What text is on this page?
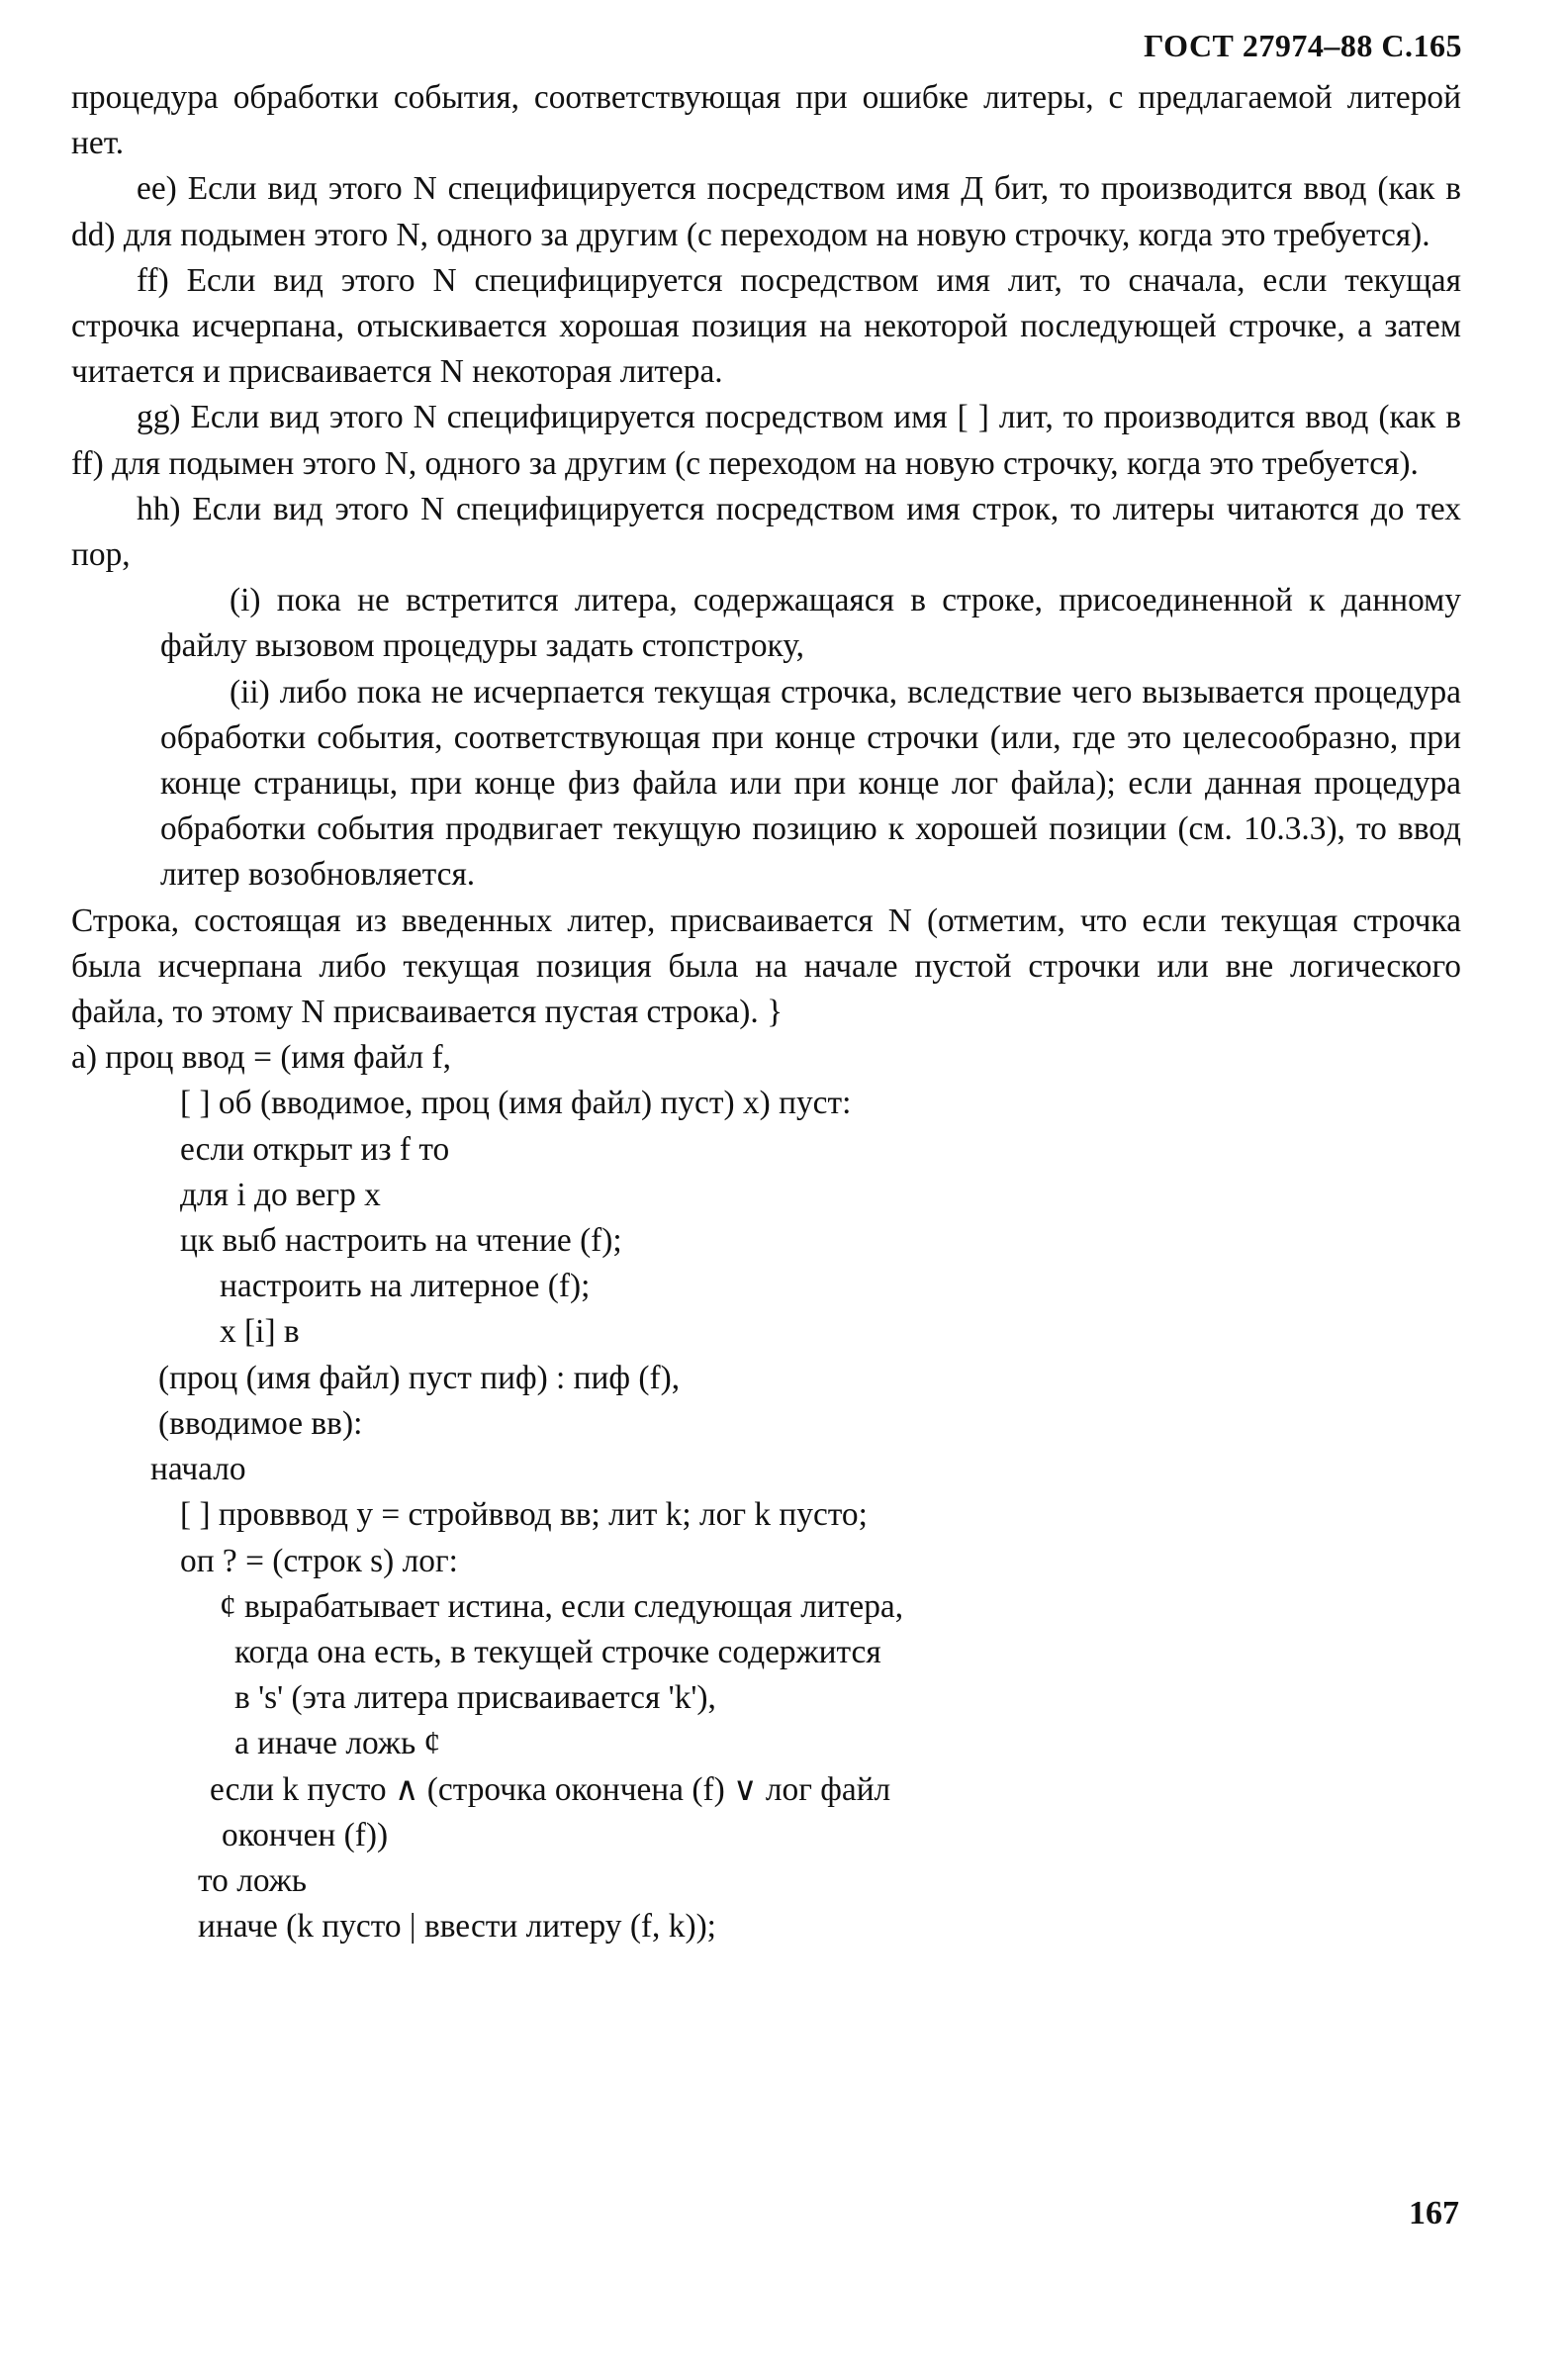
ГОСТ 27974–88 С.165

процедура обработки события, соответствующая при ошибке литеры, с предлагаемой литерой нет.

ee) Если вид этого N специфицируется посредством имя Д бит, то производится ввод (как в dd) для подымен этого N, одного за другим (с переходом на новую строчку, когда это требуется).

ff) Если вид этого N специфицируется посредством имя лит, то сначала, если текущая строчка исчерпана, отыскивается хорошая позиция на некоторой последующей строчке, а затем читается и присваивается N некоторая литера.

gg) Если вид этого N специфицируется посредством имя [ ] лит, то производится ввод (как в ff) для подымен этого N, одного за другим (с переходом на новую строчку, когда это требуется).

hh) Если вид этого N специфицируется посредством имя строк, то литеры читаются до тех пор,

(i) пока не встретится литера, содержащаяся в строке, присоединенной к данному файлу вызовом процедуры задать стопстроку,

(ii) либо пока не исчерпается текущая строчка, вследствие чего вызывается процедура обработки события, соответствующая при конце строчки (или, где это целесообразно, при конце страницы, при конце физ файла или при конце лог файла); если данная процедура обработки события продвигает текущую позицию к хорошей позиции (см. 10.3.3), то ввод литер возобновляется.

Строка, состоящая из введенных литер, присваивается N (отметим, что если текущая строчка была исчерпана либо текущая позиция была на начале пустой строчки или вне логического файла, то этому N присваивается пустая строка). }

a) проц ввод = (имя файл f,
[ ] об (вводимое, проц (имя файл) пуст) x) пуст:
если открыт из f то
для i до вегр x
цк выб настроить на чтение (f);
настроить на литерное (f);
x [i] в
(проц (имя файл) пуст пиф) : пиф (f),
(вводимое вв):
начало
[ ] провввод y = стройввод вв; лит k; лог k пусто;
оп ? = (строк s) лог:
¢ вырабатывает истина, если следующая литера,
когда она есть, в текущей строчке содержится
в 's' (эта литера присваивается 'k'),
а иначе ложь ¢
если k пусто ∧ (строчка окончена (f) ∨ лог файл
окончен (f))
то ложь
иначе (k пусто | ввести литеру (f, k));
167
